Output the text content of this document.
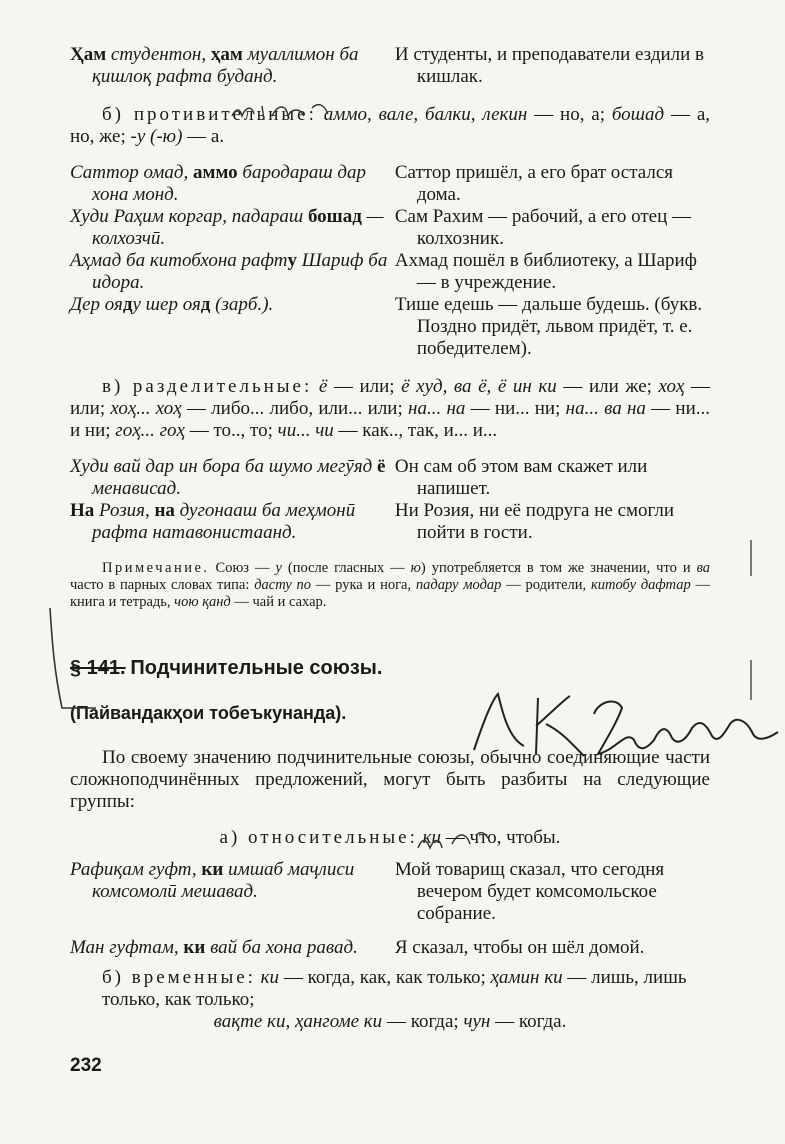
Ҳам студентон, ҳам муаллимон ба қишлоқ рафта буданд.
И студенты, и преподаватели ездили в кишлак.
б) противительные: аммо, вале, балки, лекин — но, а; бошад — а, но, же; -у (-ю) — а.
Саттор омад, аммо бародараш дар хона монд.
Саттор пришёл, а его брат остался дома.
Худи Раҳим коргар, падараш бошад — колхозчӣ.
Сам Рахим — рабочий, а его отец — колхозник.
Аҳмад ба китобхона рафту Шариф ба идора.
Ахмад пошёл в библиотеку, а Шариф — в учреждение.
Дер ояду шер ояд (зарб.).	Тише едешь — дальше будешь. (букв. Поздно придёт, львом придёт, т. е. победителем).
в) разделительные: ё — или; ё худ, ва ё, ё ин ки — или же; хоҳ — или; хоҳ... хоҳ — либо... либо, или... или; на... на — ни... ни; на... ва на — ни... и ни; гоҳ... гоҳ — то.., то; чи... чи — как.., так, и... и...
Худи вай дар ин бора ба шумо мегӯяд ё менависад.
Он сам об этом вам скажет или напишет.
На Розия, на дугонааш ба меҳмонӣ рафта натавонистаанд.
Ни Розия, ни её подруга не смогли пойти в гости.
Примечание. Союз — у (после гласных — ю) употребляется в том же значении, что и ва часто в парных словах типа: дасту по — рука и нога, падару модар — родители, китобу дафтар — книга и тетрадь, чою қанд — чай и сахар.
§ 141. Подчинительные союзы.
(Пайвандакҳои тобеъкунанда).
По своему значению подчинительные союзы, обычно соединяющие части сложноподчинённых предложений, могут быть разбиты на следующие группы:
а) относительные: ки — что, чтобы.
Рафиқам гуфт, ки имшаб маҷлиси комсомолӣ мешавад.
Мой товарищ сказал, что сегодня вечером будет комсомольское собрание.
Ман гуфтам, ки вай ба хона равад.	Я сказал, чтобы он шёл домой.
б) временные: ки — когда, как, как только; ҳамин ки — лишь, лишь только, как только;
вақте ки, ҳангоме ки — когда; чун — когда.
232
